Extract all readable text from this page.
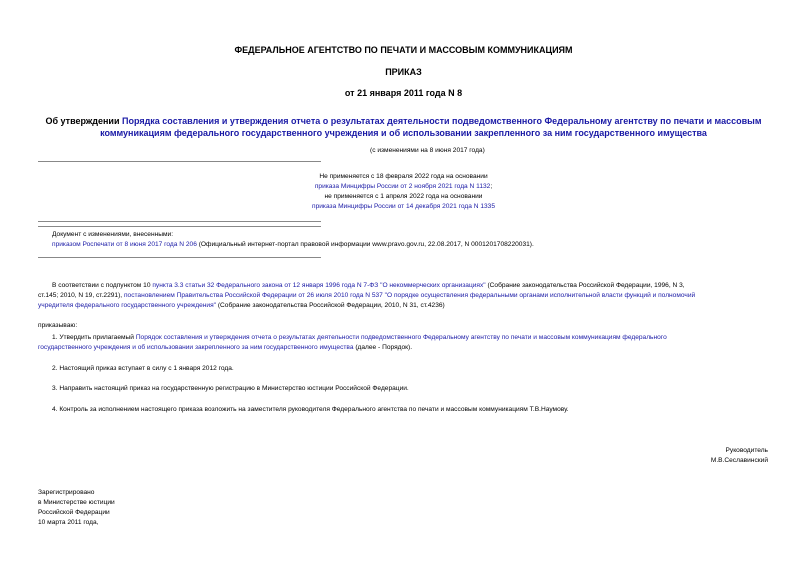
ФЕДЕРАЛЬНОЕ АГЕНТСТВО ПО ПЕЧАТИ И МАССОВЫМ КОММУНИКАЦИЯМ
ПРИКАЗ
от 21 января 2011 года N 8
Об утверждении Порядка составления и утверждения отчета о результатах деятельности подведомственного Федеральному агентству по печати и массовым
коммуникациям федерального государственного учреждения и об использовании закрепленного за ним государственного имущества
(с изменениями на 8 июня 2017 года)
Не применяется с 18 февраля 2022 года на основании
приказа Минцифры России от 2 ноября 2021 года N 1132;
не применяется с 1 апреля 2022 года на основании
приказа Минцифры России от 14 декабря 2021 года N 1335
Документ с изменениями, внесенными:
приказом Роспечати от 8 июня 2017 года N 206 (Официальный интернет-портал правовой информации www.pravo.gov.ru, 22.08.2017, N 0001201708220031).
В соответствии с подпунктом 10 пункта 3.3 статьи 32 Федерального закона от 12 января 1996 года N 7-ФЗ "О некоммерческих организациях" (Собрание законодательства Российской Федерации, 1996, N 3,
ст.145; 2010, N 19, ст.2291), постановлением Правительства Российской Федерации от 26 июля 2010 года N 537 "О порядке осуществления федеральными органами исполнительной власти функций и полномочий
учредителя федерального государственного учреждения" (Собрание законодательства Российской Федерации, 2010, N 31, ст.4236)
приказываю:
1. Утвердить прилагаемый Порядок составления и утверждения отчета о результатах деятельности подведомственного Федеральному агентству по печати и массовым коммуникациям федерального
государственного учреждения и об использовании закрепленного за ним государственного имущества (далее - Порядок).
2. Настоящий приказ вступает в силу с 1 января 2012 года.
3. Направить настоящий приказ на государственную регистрацию в Министерство юстиции Российской Федерации.
4. Контроль за исполнением настоящего приказа возложить на заместителя руководителя Федерального агентства по печати и массовым коммуникациям Т.В.Наумову.
Руководитель
М.В.Сеславинский
Зарегистрировано
в Министерстве юстиции
Российской Федерации
10 марта 2011 года,
